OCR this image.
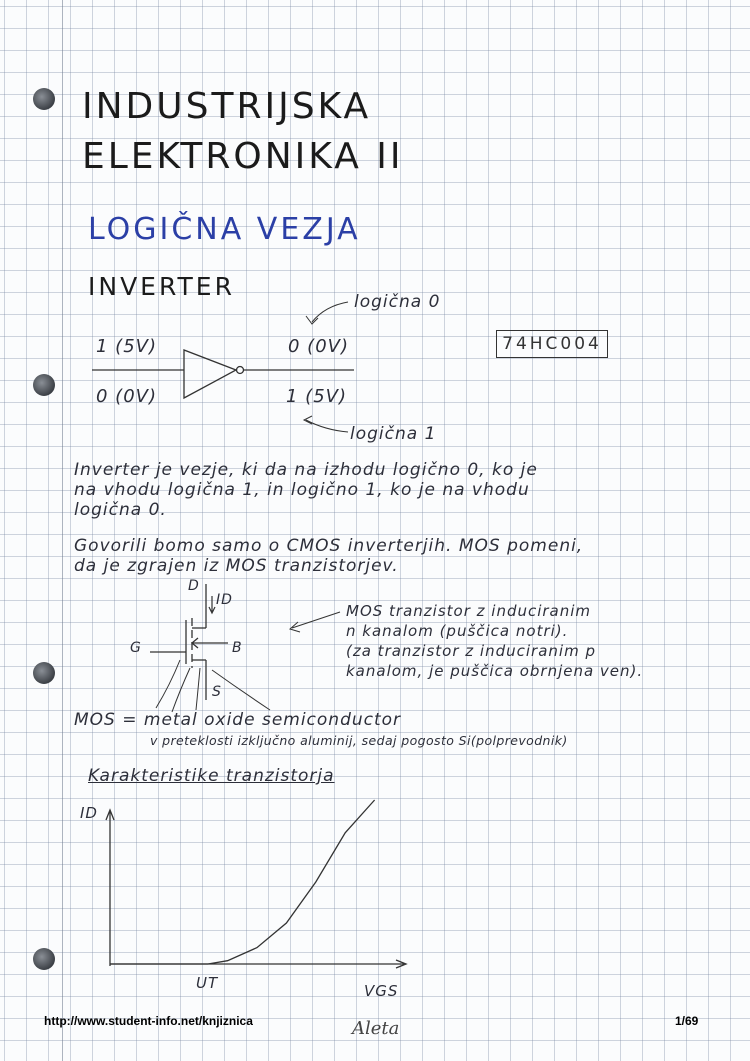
INDUSTRIJSKA
ELEKTRONIKA II
LOGIČNA VEZJA
INVERTER
1 (5V)
0 (0V)
0 (0V)
1 (5V)
logična 0
logična 1
74HC004
Inverter je vezje, ki da na izhodu logično 0, ko je
na vhodu logična 1, in logično 1, ko je na vhodu
logična 0.
Govorili bomo samo o CMOS inverterjih. MOS pomeni,
da je zgrajen iz MOS tranzistorjev.
D
ID
G	B
S
MOS tranzistor z induciranim
n kanalom (puščica notri).
(za tranzistor z induciranim p
kanalom, je puščica obrnjena ven).
MOS = metal oxide semiconductor
v preteklosti izključno aluminij, sedaj pogosto Si(polprevodnik)
Karakteristike tranzistorja
ID
VGS
UT
http://www.student-info.net/knjiznica	Aleta	1/69
